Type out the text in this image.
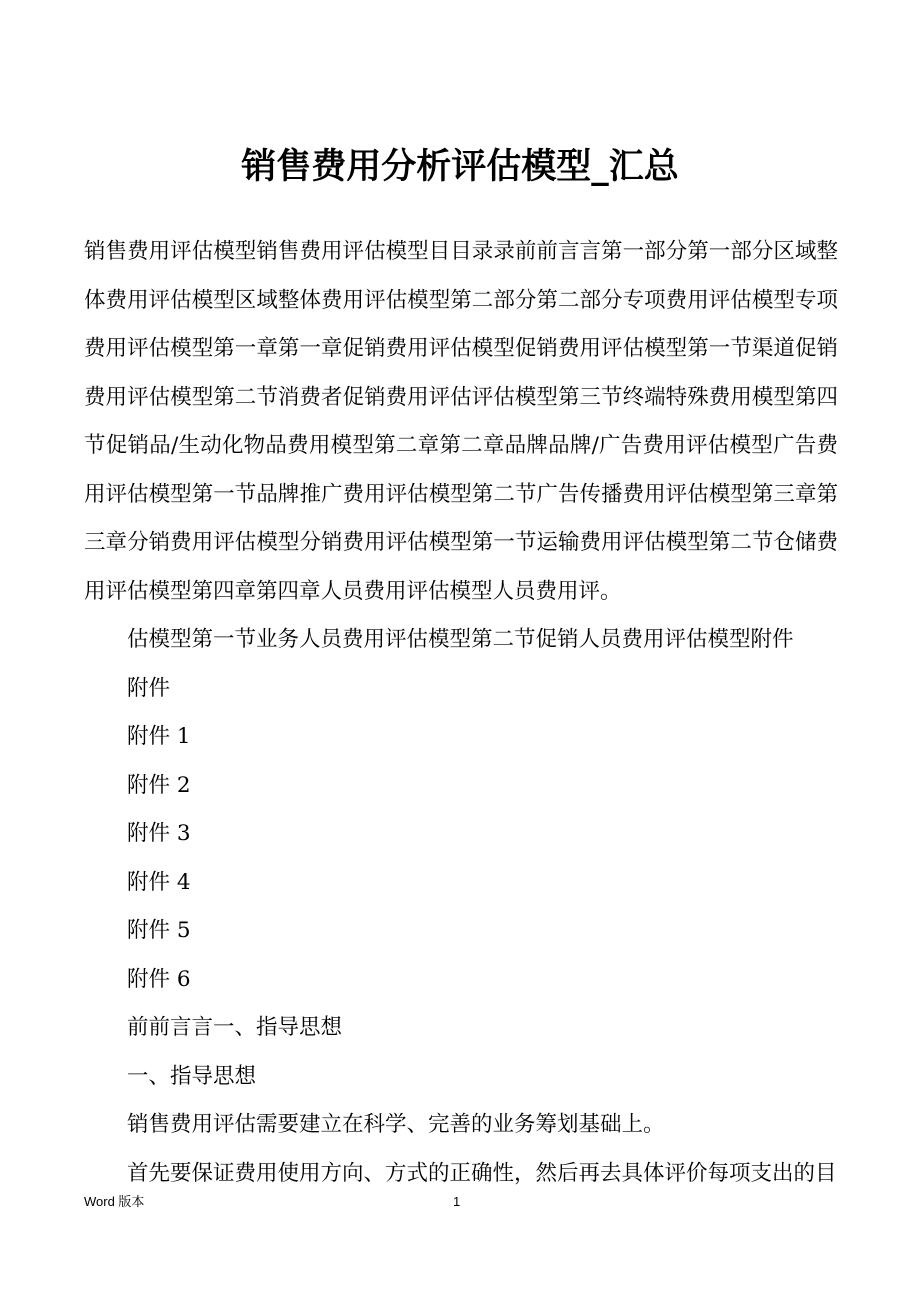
销售费用分析评估模型_汇总

销售费用评估模型销售费用评估模型目目录录前前言言第一部分第一部分区域整体费用评估模型区域整体费用评估模型第二部分第二部分专项费用评估模型专项费用评估模型第一章第一章促销费用评估模型促销费用评估模型第一节渠道促销费用评估模型第二节消费者促销费用评估评估模型第三节终端特殊费用模型第四节促销品/生动化物品费用模型第二章第二章品牌品牌/广告费用评估模型广告费用评估模型第一节品牌推广费用评估模型第二节广告传播费用评估模型第三章第三章分销费用评估模型分销费用评估模型第一节运输费用评估模型第二节仓储费用评估模型第四章第四章人员费用评估模型人员费用评。

估模型第一节业务人员费用评估模型第二节促销人员费用评估模型附件

附件

附件 1

附件 2

附件 3

附件 4

附件 5

附件 6

前前言言一、指导思想

一、指导思想

销售费用评估需要建立在科学、完善的业务筹划基础上。

首先要保证费用使用方向、方式的正确性，然后再去具体评价每项支出的目

Word 版本	1
